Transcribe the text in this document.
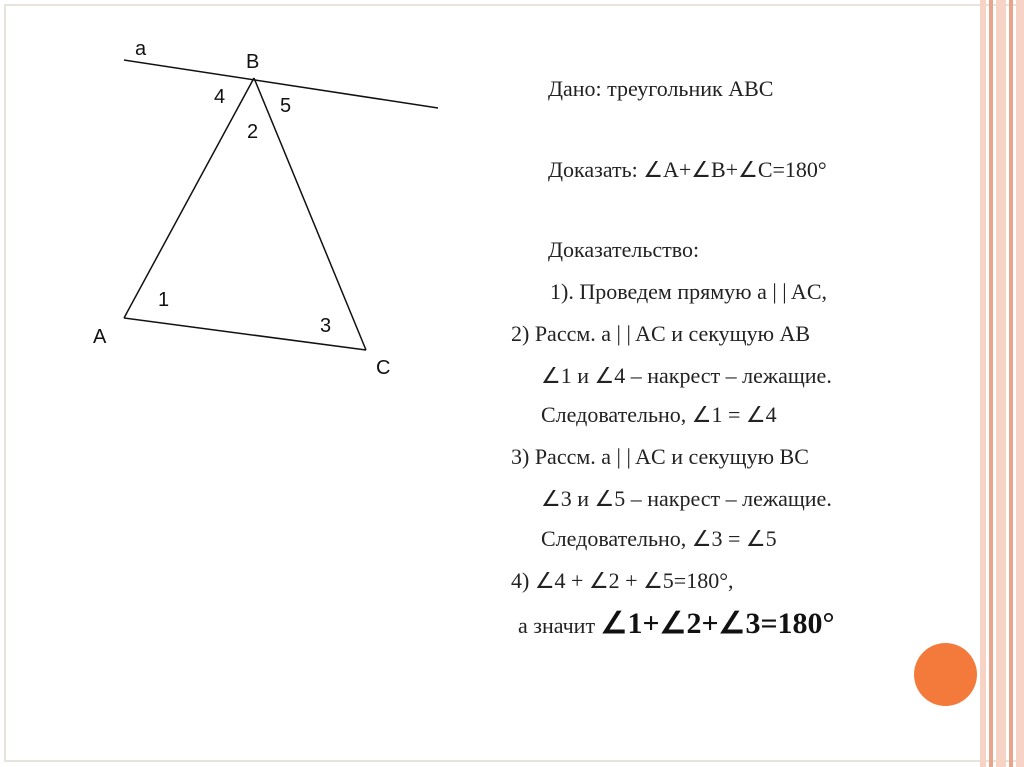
a
B
4	5
2
1
3
A
C
Дано: треугольник ABC
Доказать: ∠A+∠B+∠C=180°
Доказательство:
1). Проведем прямую a | | AC,
2) Рассм. a | | AC и секущую AB
∠1 и ∠4 – накрест – лежащие.
Следовательно, ∠1 = ∠4
3) Рассм. a | | AC и секущую BC
∠3 и ∠5 – накрест – лежащие.
Следовательно, ∠3 = ∠5
4) ∠4 + ∠2 + ∠5=180°,
а значит ∠1+∠2+∠3=180°
